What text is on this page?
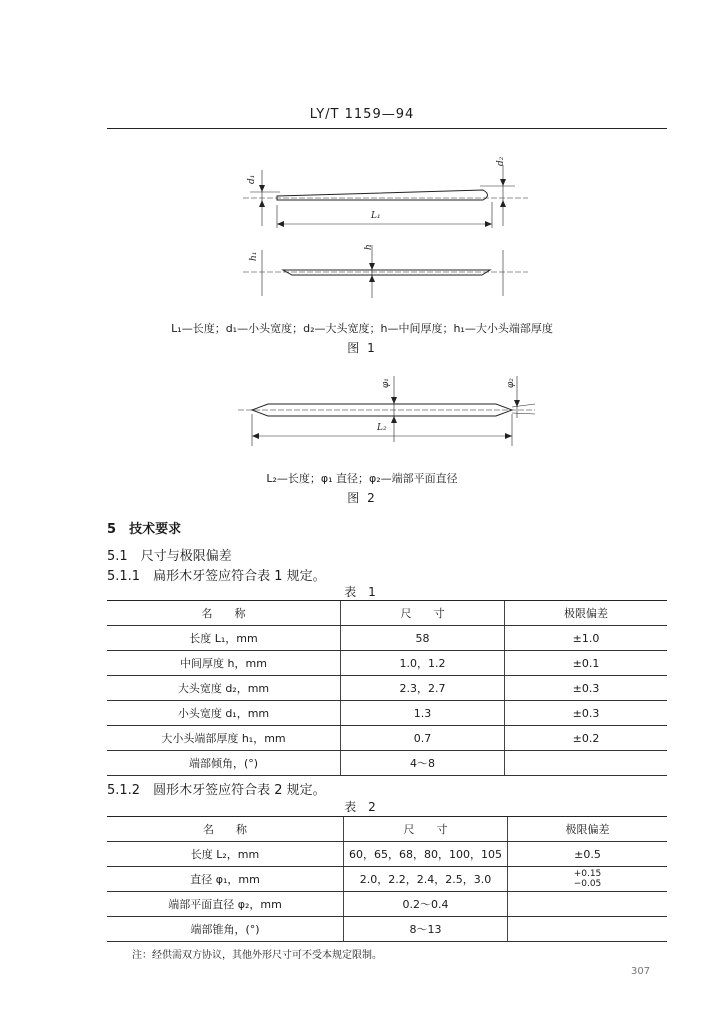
LY/T 1159—94
d₁
d₂
L₁
h
h₁
φ₁	φ₂
L₂
L₁—长度；d₁—小头宽度；d₂—大头宽度；h—中间厚度；h₁—大小头端部厚度
图 1
L₂—长度；φ₁ 直径；φ₂—端部平面直径
图 2
5　 技术要求
5.1　 尺寸与极限偏差
5.1.1　 扁形木牙签应符合表 1 规定。
表 1
名　　称	尺　　寸	极限偏差
长度 L₁，mm	58	±1.0
中间厚度 h，mm	1.0，1.2	±0.1
大头宽度 d₂，mm	2.3，2.7	±0.3
小头宽度 d₁，mm	1.3	±0.3
大小头端部厚度 h₁，mm	0.7	±0.2
端部倾角，(°)	4～8	
5.1.2　 圆形木牙签应符合表 2 规定。
表 2
名　　称	尺　　寸	极限偏差
长度 L₂，mm	60，65，68，80，100，105	±0.5
直径 φ₁，mm	2.0，2.2，2.4，2.5，3.0	+0.15
−0.05

端部平面直径 φ₂，mm	0.2～0.4	
端部锥角，(°)	8～13	
注：经供需双方协议，其他外形尺寸可不受本规定限制。
307
